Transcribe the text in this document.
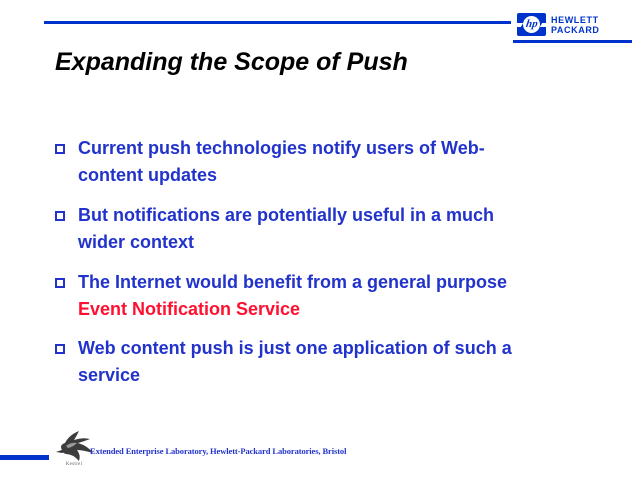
hp HEWLETT
PACKARD
Expanding the Scope of Push
Current push technologies notify users of Web-
content updates
But notifications are potentially useful in a much
wider context
The Internet would benefit from a general purpose
Event Notification Service
Web content push is just one application of such a
service
Kestrel
Extended Enterprise Laboratory, Hewlett-Packard Laboratories, Bristol
